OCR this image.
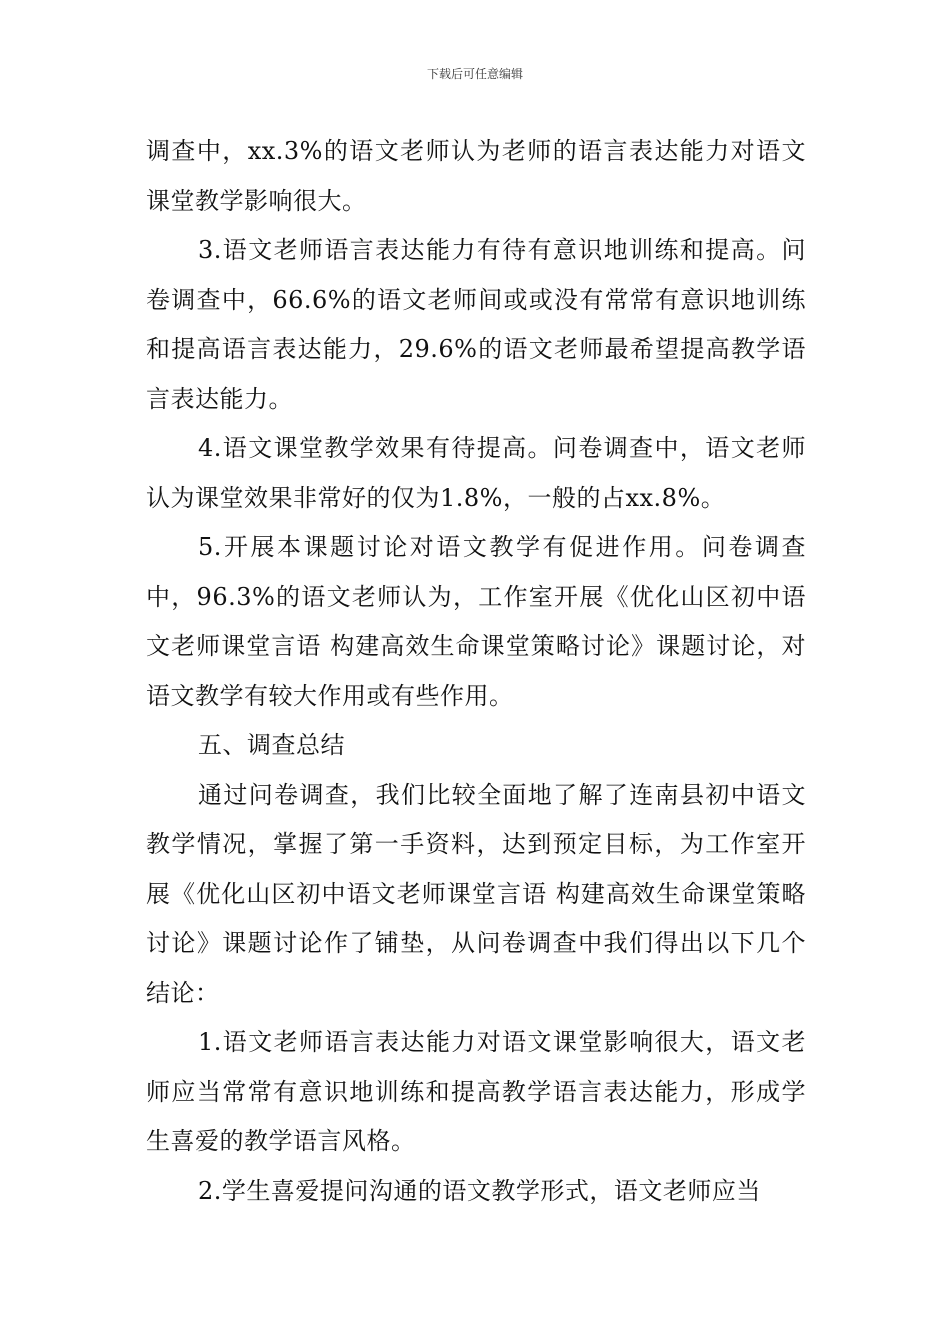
下载后可任意编辑

调查中，xx.3%的语文老师认为老师的语言表达能力对语文课堂教学影响很大。

3.语文老师语言表达能力有待有意识地训练和提高。问卷调查中，66.6%的语文老师间或或没有常常有意识地训练和提高语言表达能力，29.6%的语文老师最希望提高教学语言表达能力。

4.语文课堂教学效果有待提高。问卷调查中，语文老师认为课堂效果非常好的仅为1.8%，一般的占xx.8%。

5.开展本课题讨论对语文教学有促进作用。问卷调查中，96.3%的语文老师认为，工作室开展《优化山区初中语文老师课堂言语 构建高效生命课堂策略讨论》课题讨论，对语文教学有较大作用或有些作用。

五、调查总结

通过问卷调查，我们比较全面地了解了连南县初中语文教学情况，掌握了第一手资料，达到预定目标，为工作室开展《优化山区初中语文老师课堂言语 构建高效生命课堂策略讨论》课题讨论作了铺垫，从问卷调查中我们得出以下几个结论：

1.语文老师语言表达能力对语文课堂影响很大，语文老师应当常常有意识地训练和提高教学语言表达能力，形成学生喜爱的教学语言风格。

2.学生喜爱提问沟通的语文教学形式，语文老师应当
